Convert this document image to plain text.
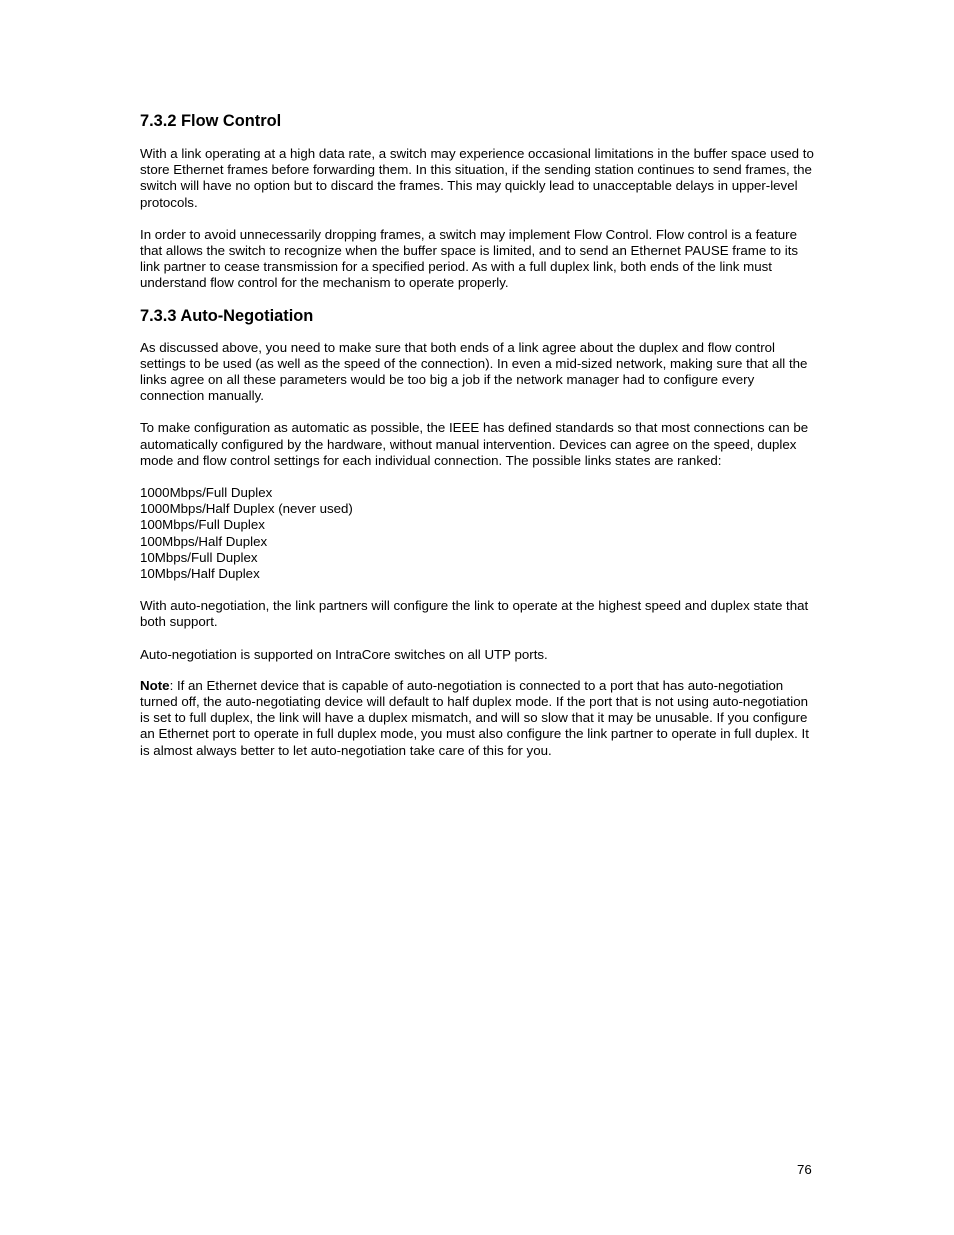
7.3.2 Flow Control

With a link operating at a high data rate, a switch may experience occasional limitations in the buffer space used to store Ethernet frames before forwarding them. In this situation, if the sending station continues to send frames, the switch will have no option but to discard the frames. This may quickly lead to unacceptable delays in upper-level protocols.

In order to avoid unnecessarily dropping frames, a switch may implement Flow Control. Flow control is a feature that allows the switch to recognize when the buffer space is limited, and to send an Ethernet PAUSE frame to its link partner to cease transmission for a specified period. As with a full duplex link, both ends of the link must understand flow control for the mechanism to operate properly.

7.3.3 Auto-Negotiation

As discussed above, you need to make sure that both ends of a link agree about the duplex and flow control settings to be used (as well as the speed of the connection). In even a mid-sized network, making sure that all the links agree on all these parameters would be too big a job if the network manager had to configure every connection manually.

To make configuration as automatic as possible, the IEEE has defined standards so that most connections can be automatically configured by the hardware, without manual intervention. Devices can agree on the speed, duplex mode and flow control settings for each individual connection. The possible links states are ranked:

1000Mbps/Full Duplex
1000Mbps/Half Duplex (never used)
100Mbps/Full Duplex
100Mbps/Half Duplex
10Mbps/Full Duplex
10Mbps/Half Duplex

With auto-negotiation, the link partners will configure the link to operate at the highest speed and duplex state that both support.

Auto-negotiation is supported on IntraCore switches on all UTP ports.

Note: If an Ethernet device that is capable of auto-negotiation is connected to a port that has auto-negotiation turned off, the auto-negotiating device will default to half duplex mode. If the port that is not using auto-negotiation is set to full duplex, the link will have a duplex mismatch, and will so slow that it may be unusable. If you configure an Ethernet port to operate in full duplex mode, you must also configure the link partner to operate in full duplex. It is almost always better to let auto-negotiation take care of this for you.

76
